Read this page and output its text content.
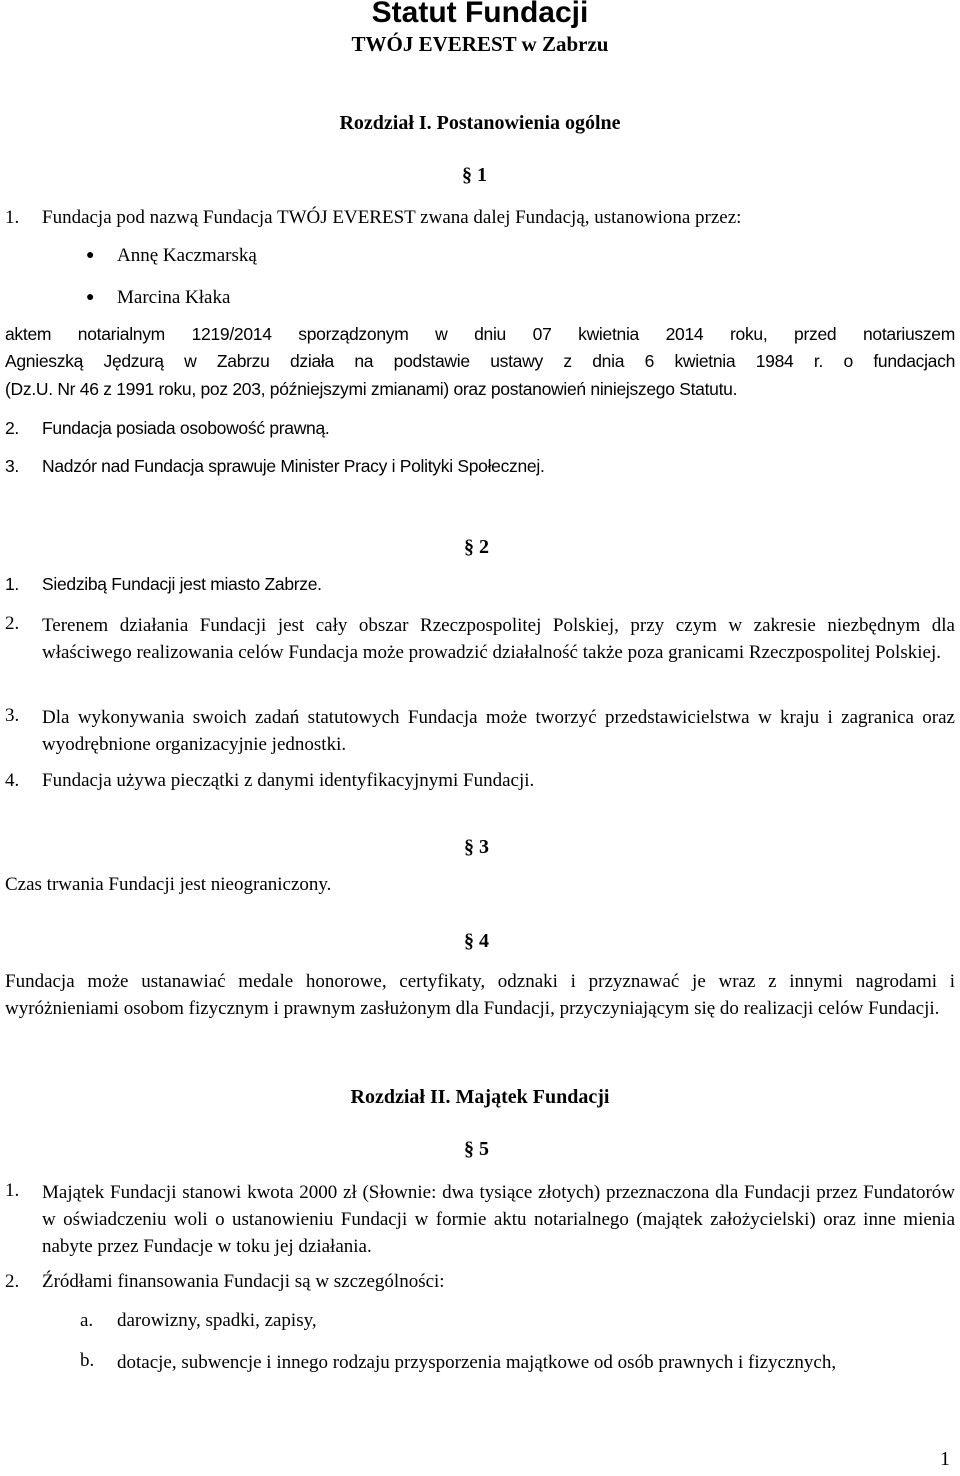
Statut Fundacji
TWÓJ EVEREST w Zabrzu
Rozdział I. Postanowienia ogólne
§ 1
1. Fundacja pod nazwą Fundacja TWÓJ EVEREST zwana dalej Fundacją, ustanowiona przez:
● Annę Kaczmarską
● Marcina Kłaka
aktem notarialnym 1219/2014 sporządzonym w dniu 07 kwietnia 2014 roku, przed notariuszem
Agnieszką Jędzurą w Zabrzu działa na podstawie ustawy z dnia 6 kwietnia 1984 r. o fundacjach
(Dz.U. Nr 46 z 1991 roku, poz 203, późniejszymi zmianami) oraz postanowień niniejszego Statutu.
2. Fundacja posiada osobowość prawną.
3. Nadzór nad Fundacja sprawuje Minister Pracy i Polityki Społecznej.
§ 2
1. Siedzibą Fundacji jest miasto Zabrze.
2. Terenem działania Fundacji jest cały obszar Rzeczpospolitej Polskiej, przy czym w zakresie niezbędnym dla właściwego realizowania celów Fundacja może prowadzić działalność także poza granicami Rzeczpospolitej Polskiej.
3. Dla wykonywania swoich zadań statutowych Fundacja może tworzyć przedstawicielstwa w kraju i zagranica oraz wyodrębnione organizacyjnie jednostki.
4. Fundacja używa pieczątki z danymi identyfikacyjnymi Fundacji.
§ 3
Czas trwania Fundacji jest nieograniczony.
§ 4
Fundacja może ustanawiać medale honorowe, certyfikaty, odznaki i przyznawać je wraz z innymi nagrodami i wyróżnieniami osobom fizycznym i prawnym zasłużonym dla Fundacji, przyczyniającym się do realizacji celów Fundacji.
Rozdział II. Majątek Fundacji
§ 5
1. Majątek Fundacji stanowi kwota 2000 zł (Słownie: dwa tysiące złotych) przeznaczona dla Fundacji przez Fundatorów w oświadczeniu woli o ustanowieniu Fundacji w formie aktu notarialnego (majątek założycielski) oraz inne mienia nabyte przez Fundacje w toku jej działania.
2. Źródłami finansowania Fundacji są w szczególności:
a. darowizny, spadki, zapisy,
b. dotacje, subwencje i innego rodzaju przysporzenia majątkowe od osób prawnych i fizycznych,
1
